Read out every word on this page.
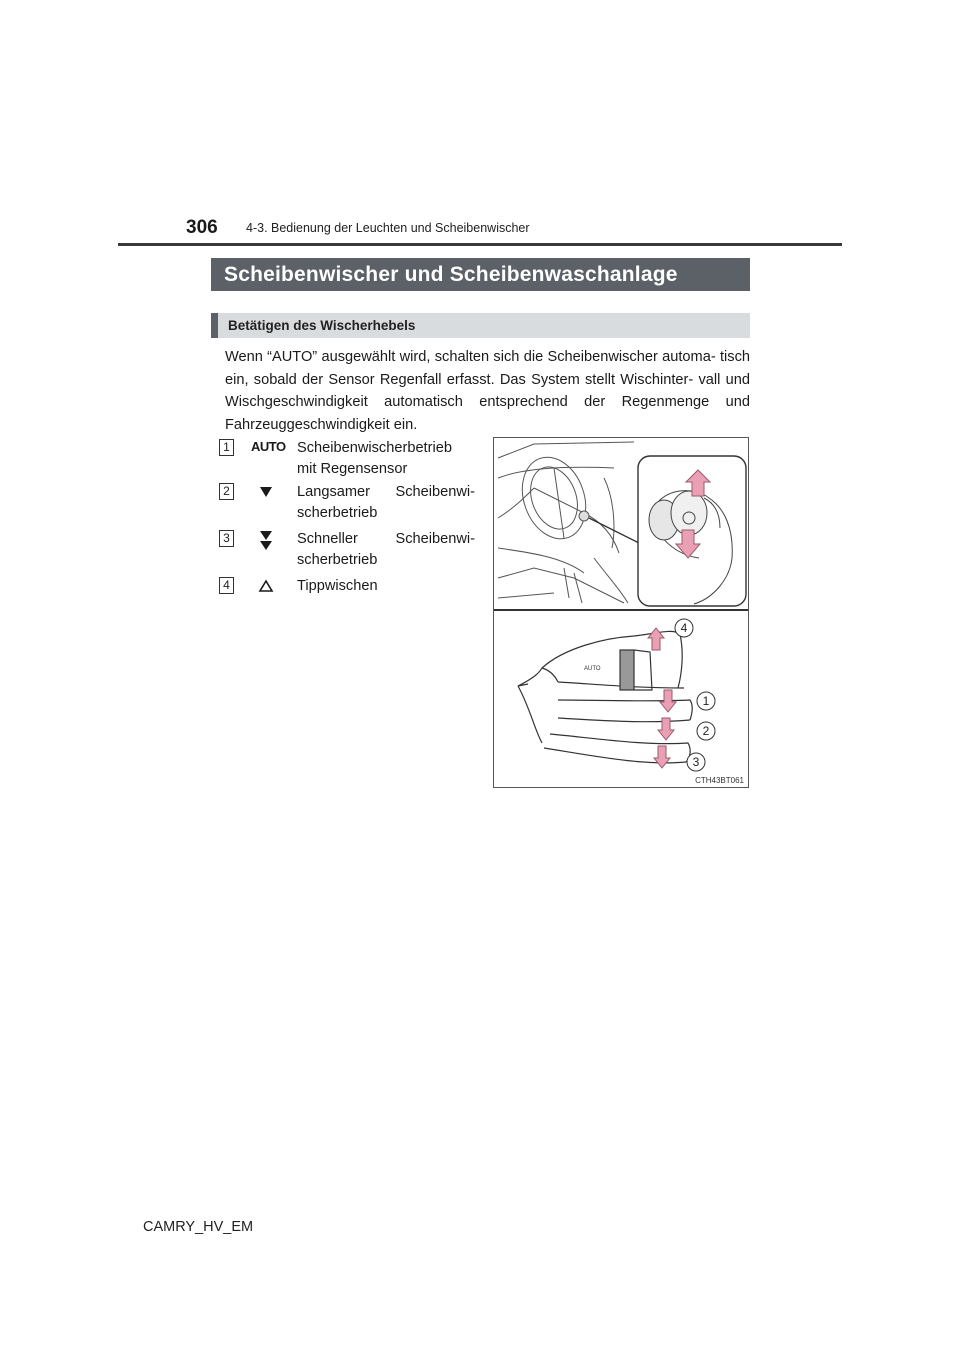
306 4-3. Bedienung der Leuchten und Scheibenwischer
Scheibenwischer und Scheibenwaschanlage
Betätigen des Wischerhebels
Wenn “AUTO” ausgewählt wird, schalten sich die Scheibenwischer automa- tisch ein, sobald der Sensor Regenfall erfasst. Das System stellt Wischinter- vall und Wischgeschwindigkeit automatisch entsprechend der Regenmenge und Fahrzeuggeschwindigkeit ein.
1	AUTO Scheibenwischerbetrieb
mit Regensensor
2	Langsamer Scheibenwi-
scherbetrieb
3	Schneller Scheibenwi-
scherbetrieb
4	Tippwischen
AUTO
4
1
2
3
CTH43BT061
CAMRY_HV_EM
